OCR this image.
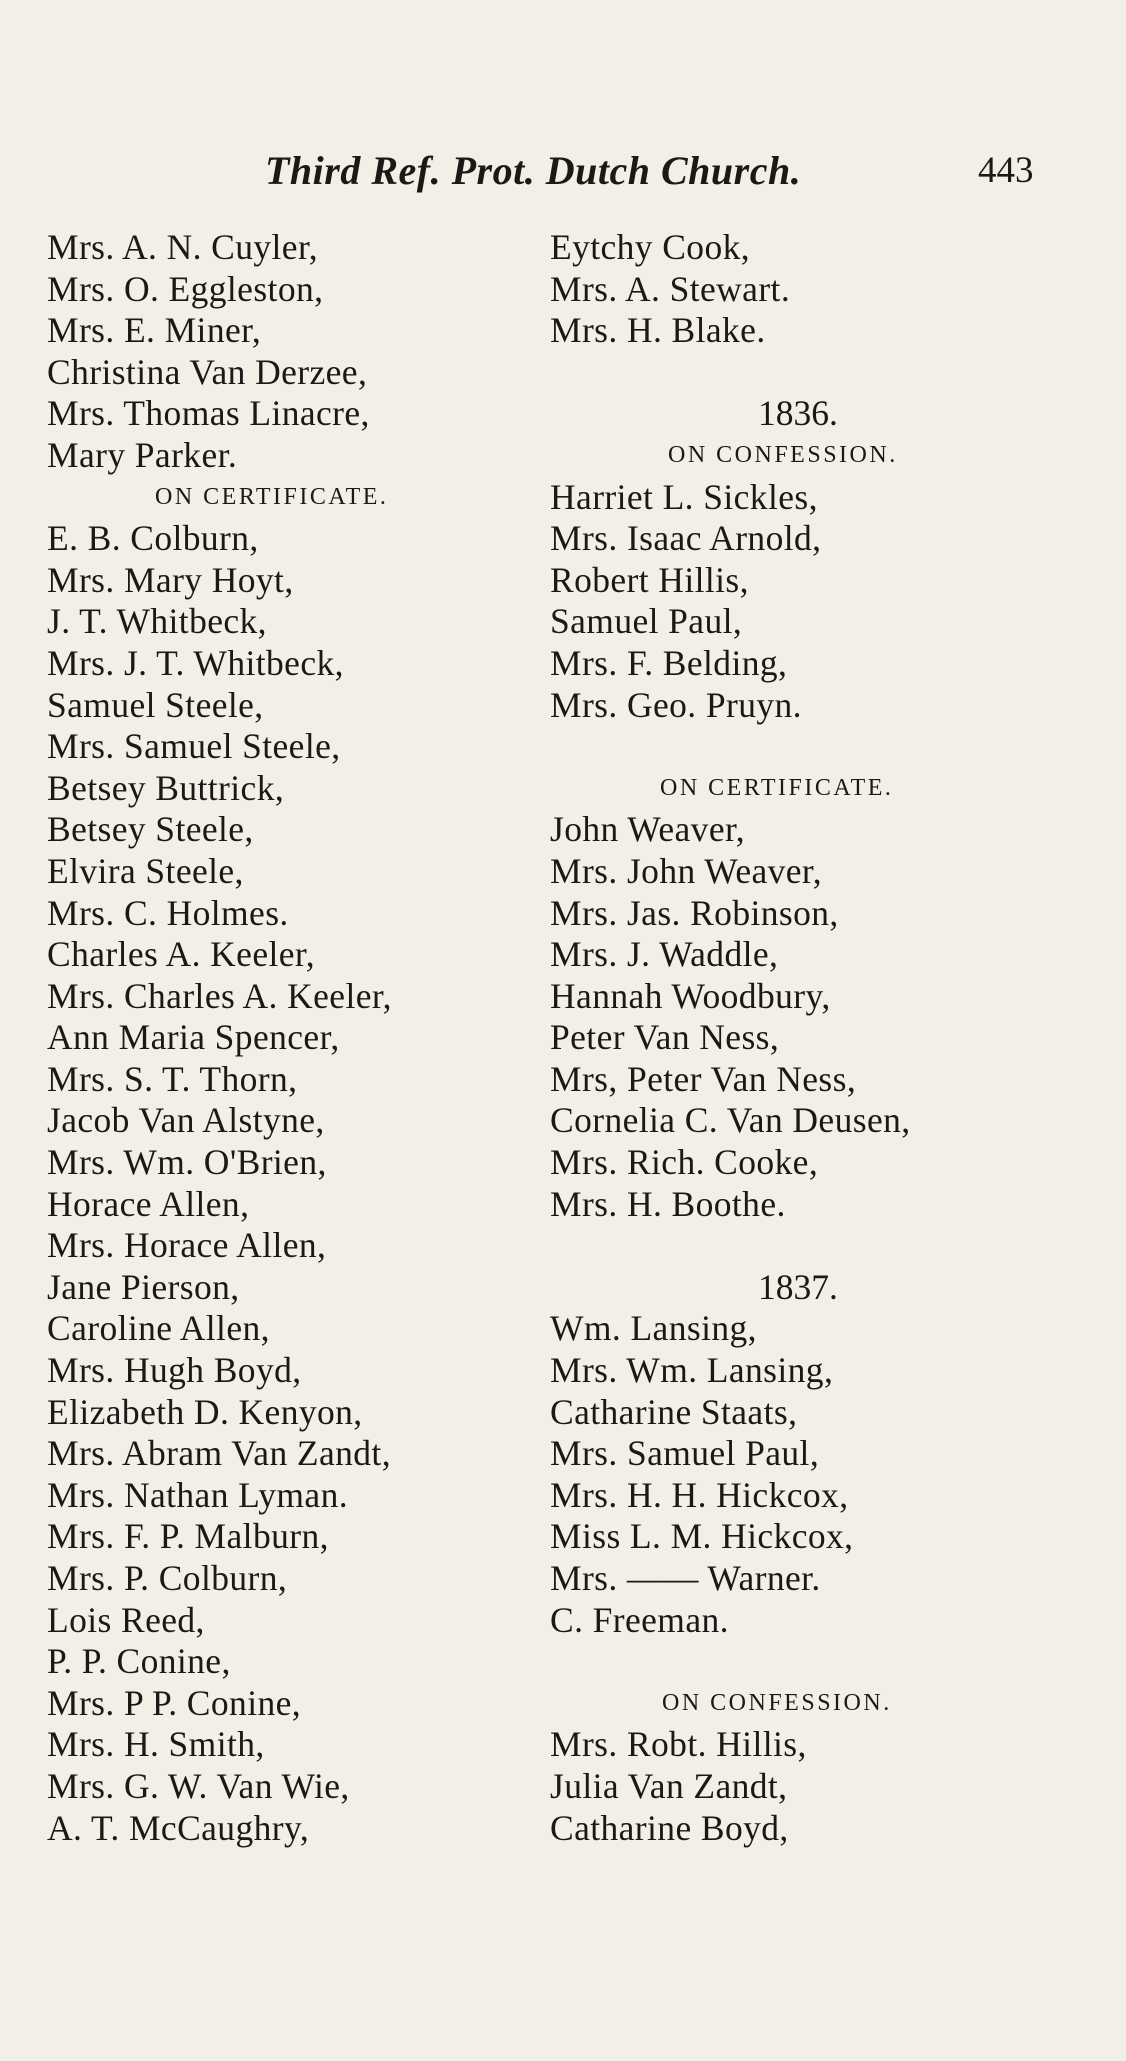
Third Ref. Prot. Dutch Church.	443
Mrs. A. N. Cuyler,
Mrs. O. Eggleston,
Mrs. E. Miner,
Christina Van Derzee,
Mrs. Thomas Linacre,
Mary Parker.
ON CERTIFICATE.
E. B. Colburn,
Mrs. Mary Hoyt,
J. T. Whitbeck,
Mrs. J. T. Whitbeck,
Samuel Steele,
Mrs. Samuel Steele,
Betsey Buttrick,
Betsey Steele,
Elvira Steele,
Mrs. C. Holmes.
Charles A. Keeler,
Mrs. Charles A. Keeler,
Ann Maria Spencer,
Mrs. S. T. Thorn,
Jacob Van Alstyne,
Mrs. Wm. O'Brien,
Horace Allen,
Mrs. Horace Allen,
Jane Pierson,
Caroline Allen,
Mrs. Hugh Boyd,
Elizabeth D. Kenyon,
Mrs. Abram Van Zandt,
Mrs. Nathan Lyman.
Mrs. F. P. Malburn,
Mrs. P. Colburn,
Lois Reed,
P. P. Conine,
Mrs. P P. Conine,
Mrs. H. Smith,
Mrs. G. W. Van Wie,
A. T. McCaughry,
Eytchy Cook,
Mrs. A. Stewart.
Mrs. H. Blake.
1836.
ON CONFESSION.
Harriet L. Sickles,
Mrs. Isaac Arnold,
Robert Hillis,
Samuel Paul,
Mrs. F. Belding,
Mrs. Geo. Pruyn.
ON CERTIFICATE.
John Weaver,
Mrs. John Weaver,
Mrs. Jas. Robinson,
Mrs. J. Waddle,
Hannah Woodbury,
Peter Van Ness,
Mrs, Peter Van Ness,
Cornelia C. Van Deusen,
Mrs. Rich. Cooke,
Mrs. H. Boothe.
1837.
Wm. Lansing,
Mrs. Wm. Lansing,
Catharine Staats,
Mrs. Samuel Paul,
Mrs. H. H. Hickcox,
Miss L. M. Hickcox,
Mrs. —— Warner.
C. Freeman.
ON CONFESSION.
Mrs. Robt. Hillis,
Julia Van Zandt,
Catharine Boyd,
